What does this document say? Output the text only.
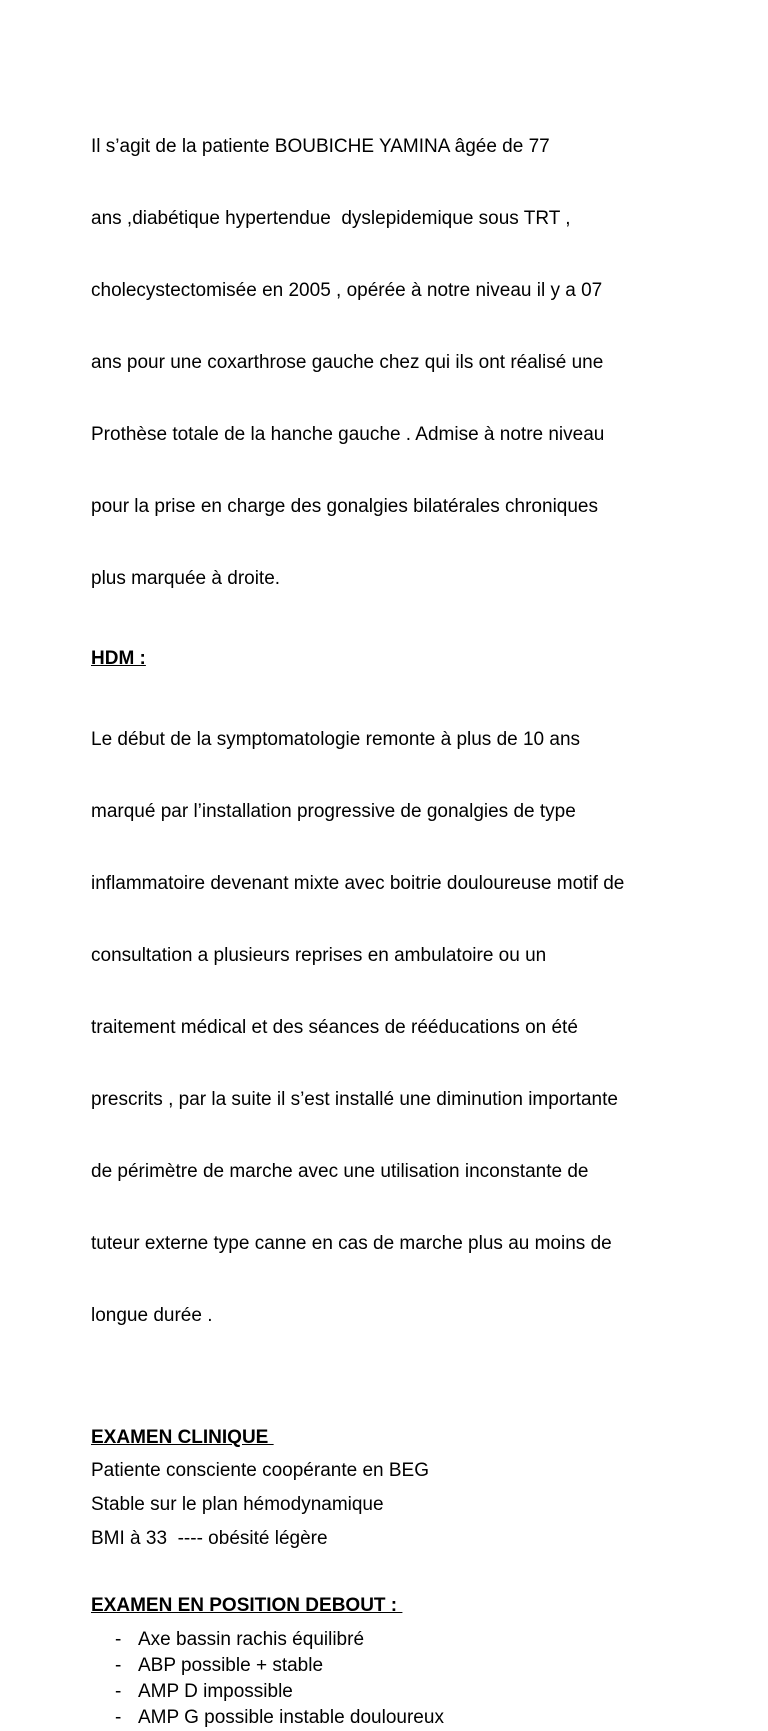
Il s’agit de la patiente BOUBICHE YAMINA âgée de 77

ans ,diabétique hypertendue  dyslepidemique sous TRT ,

cholecystectomisée en 2005 , opérée à notre niveau il y a 07

ans pour une coxarthrose gauche chez qui ils ont réalisé une

Prothèse totale de la hanche gauche . Admise à notre niveau

pour la prise en charge des gonalgies bilatérales chroniques

plus marquée à droite.

HDM :

Le début de la symptomatologie remonte à plus de 10 ans

marqué par l’installation progressive de gonalgies de type

inflammatoire devenant mixte avec boitrie douloureuse motif de

consultation a plusieurs reprises en ambulatoire ou un

traitement médical et des séances de rééducations on été

prescrits , par la suite il s’est installé une diminution importante

de périmètre de marche avec une utilisation inconstante de

tuteur externe type canne en cas de marche plus au moins de

longue durée .

EXAMEN CLINIQUE

Patiente consciente coopérante en BEG

Stable sur le plan hémodynamique

BMI à 33  ---- obésité légère

EXAMEN EN POSITION DEBOUT :

- Axe bassin rachis équilibré
- ABP possible + stable
- AMP D impossible
- AMP G possible instable douloureux
